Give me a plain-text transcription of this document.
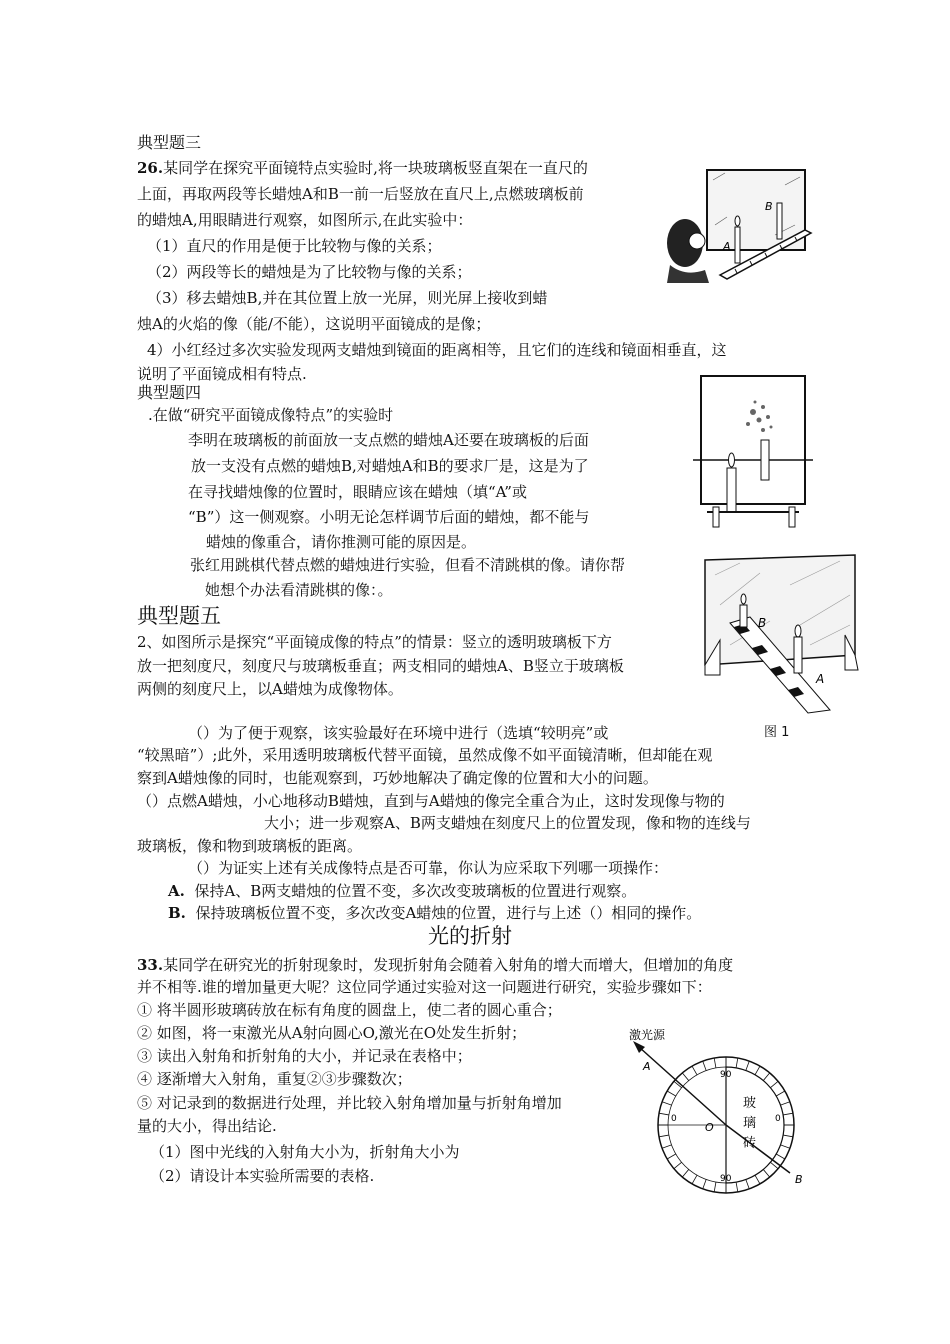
典型题三
26.某同学在探究平面镜特点实验时,将一块玻璃板竖直架在一直尺的
上面，再取两段等长蜡烛A和B一前一后竖放在直尺上,点燃玻璃板前
的蜡烛A,用眼睛进行观察，如图所示,在此实验中：
（1）直尺的作用是便于比较物与像的关系；
（2）两段等长的蜡烛是为了比较物与像的关系；
（3）移去蜡烛B,并在其位置上放一光屏，则光屏上接收到蜡
烛A的火焰的像（能/不能），这说明平面镜成的是像；
4）小红经过多次实验发现两支蜡烛到镜面的距离相等，且它们的连线和镜面相垂直，这
说明了平面镜成相有特点.
B
A
典型题四
.在做“研究平面镜成像特点”的实验时
李明在玻璃板的前面放一支点燃的蜡烛A还要在玻璃板的后面
放一支没有点燃的蜡烛B,对蜡烛A和B的要求厂是，这是为了
在寻找蜡烛像的位置时，眼睛应该在蜡烛（填“A”或
“B”）这一侧观察。小明无论怎样调节后面的蜡烛，都不能与
蜡烛的像重合，请你推测可能的原因是。
张红用跳棋代替点燃的蜡烛进行实验，但看不清跳棋的像。请你帮
她想个办法看清跳棋的像：。
典型题五
2、如图所示是探究“平面镜成像的特点”的情景：竖立的透明玻璃板下方
放一把刻度尺，刻度尺与玻璃板垂直；两支相同的蜡烛A、B竖立于玻璃板
两侧的刻度尺上，以A蜡烛为成像物体。
（）为了便于观察，该实验最好在环境中进行（选填“较明亮”或	图 1
“较黑暗”）;此外，采用透明玻璃板代替平面镜，虽然成像不如平面镜清晰，但却能在观
察到A蜡烛像的同时，也能观察到，巧妙地解决了确定像的位置和大小的问题。
（）点燃A蜡烛，小心地移动B蜡烛，直到与A蜡烛的像完全重合为止，这时发现像与物的
大小；进一步观察A、B两支蜡烛在刻度尺上的位置发现，像和物的连线与
玻璃板，像和物到玻璃板的距离。
（）为证实上述有关成像特点是否可靠，你认为应采取下列哪一项操作：
A. 保持A、B两支蜡烛的位置不变，多次改变玻璃板的位置进行观察。
B. 保持玻璃板位置不变，多次改变A蜡烛的位置，进行与上述（）相同的操作。
B
A
光的折射
33.某同学在研究光的折射现象时，发现折射角会随着入射角的增大而增大，但增加的角度
并不相等.谁的增加量更大呢？这位同学通过实验对这一问题进行研究，实验步骤如下：
① 将半圆形玻璃砖放在标有角度的圆盘上，使二者的圆心重合；
② 如图，将一束激光从A射向圆心O,激光在O处发生折射；
③ 读出入射角和折射角的大小，并记录在表格中；
④ 逐渐增大入射角，重复②③步骤数次；
⑤ 对记录到的数据进行处理，并比较入射角增加量与折射角增加
量的大小，得出结论.
（1）图中光线的入射角大小为，折射角大小为
（2）请设计本实验所需要的表格.
激光源
A
B
O
90
90
0	0
玻
璃
砖
